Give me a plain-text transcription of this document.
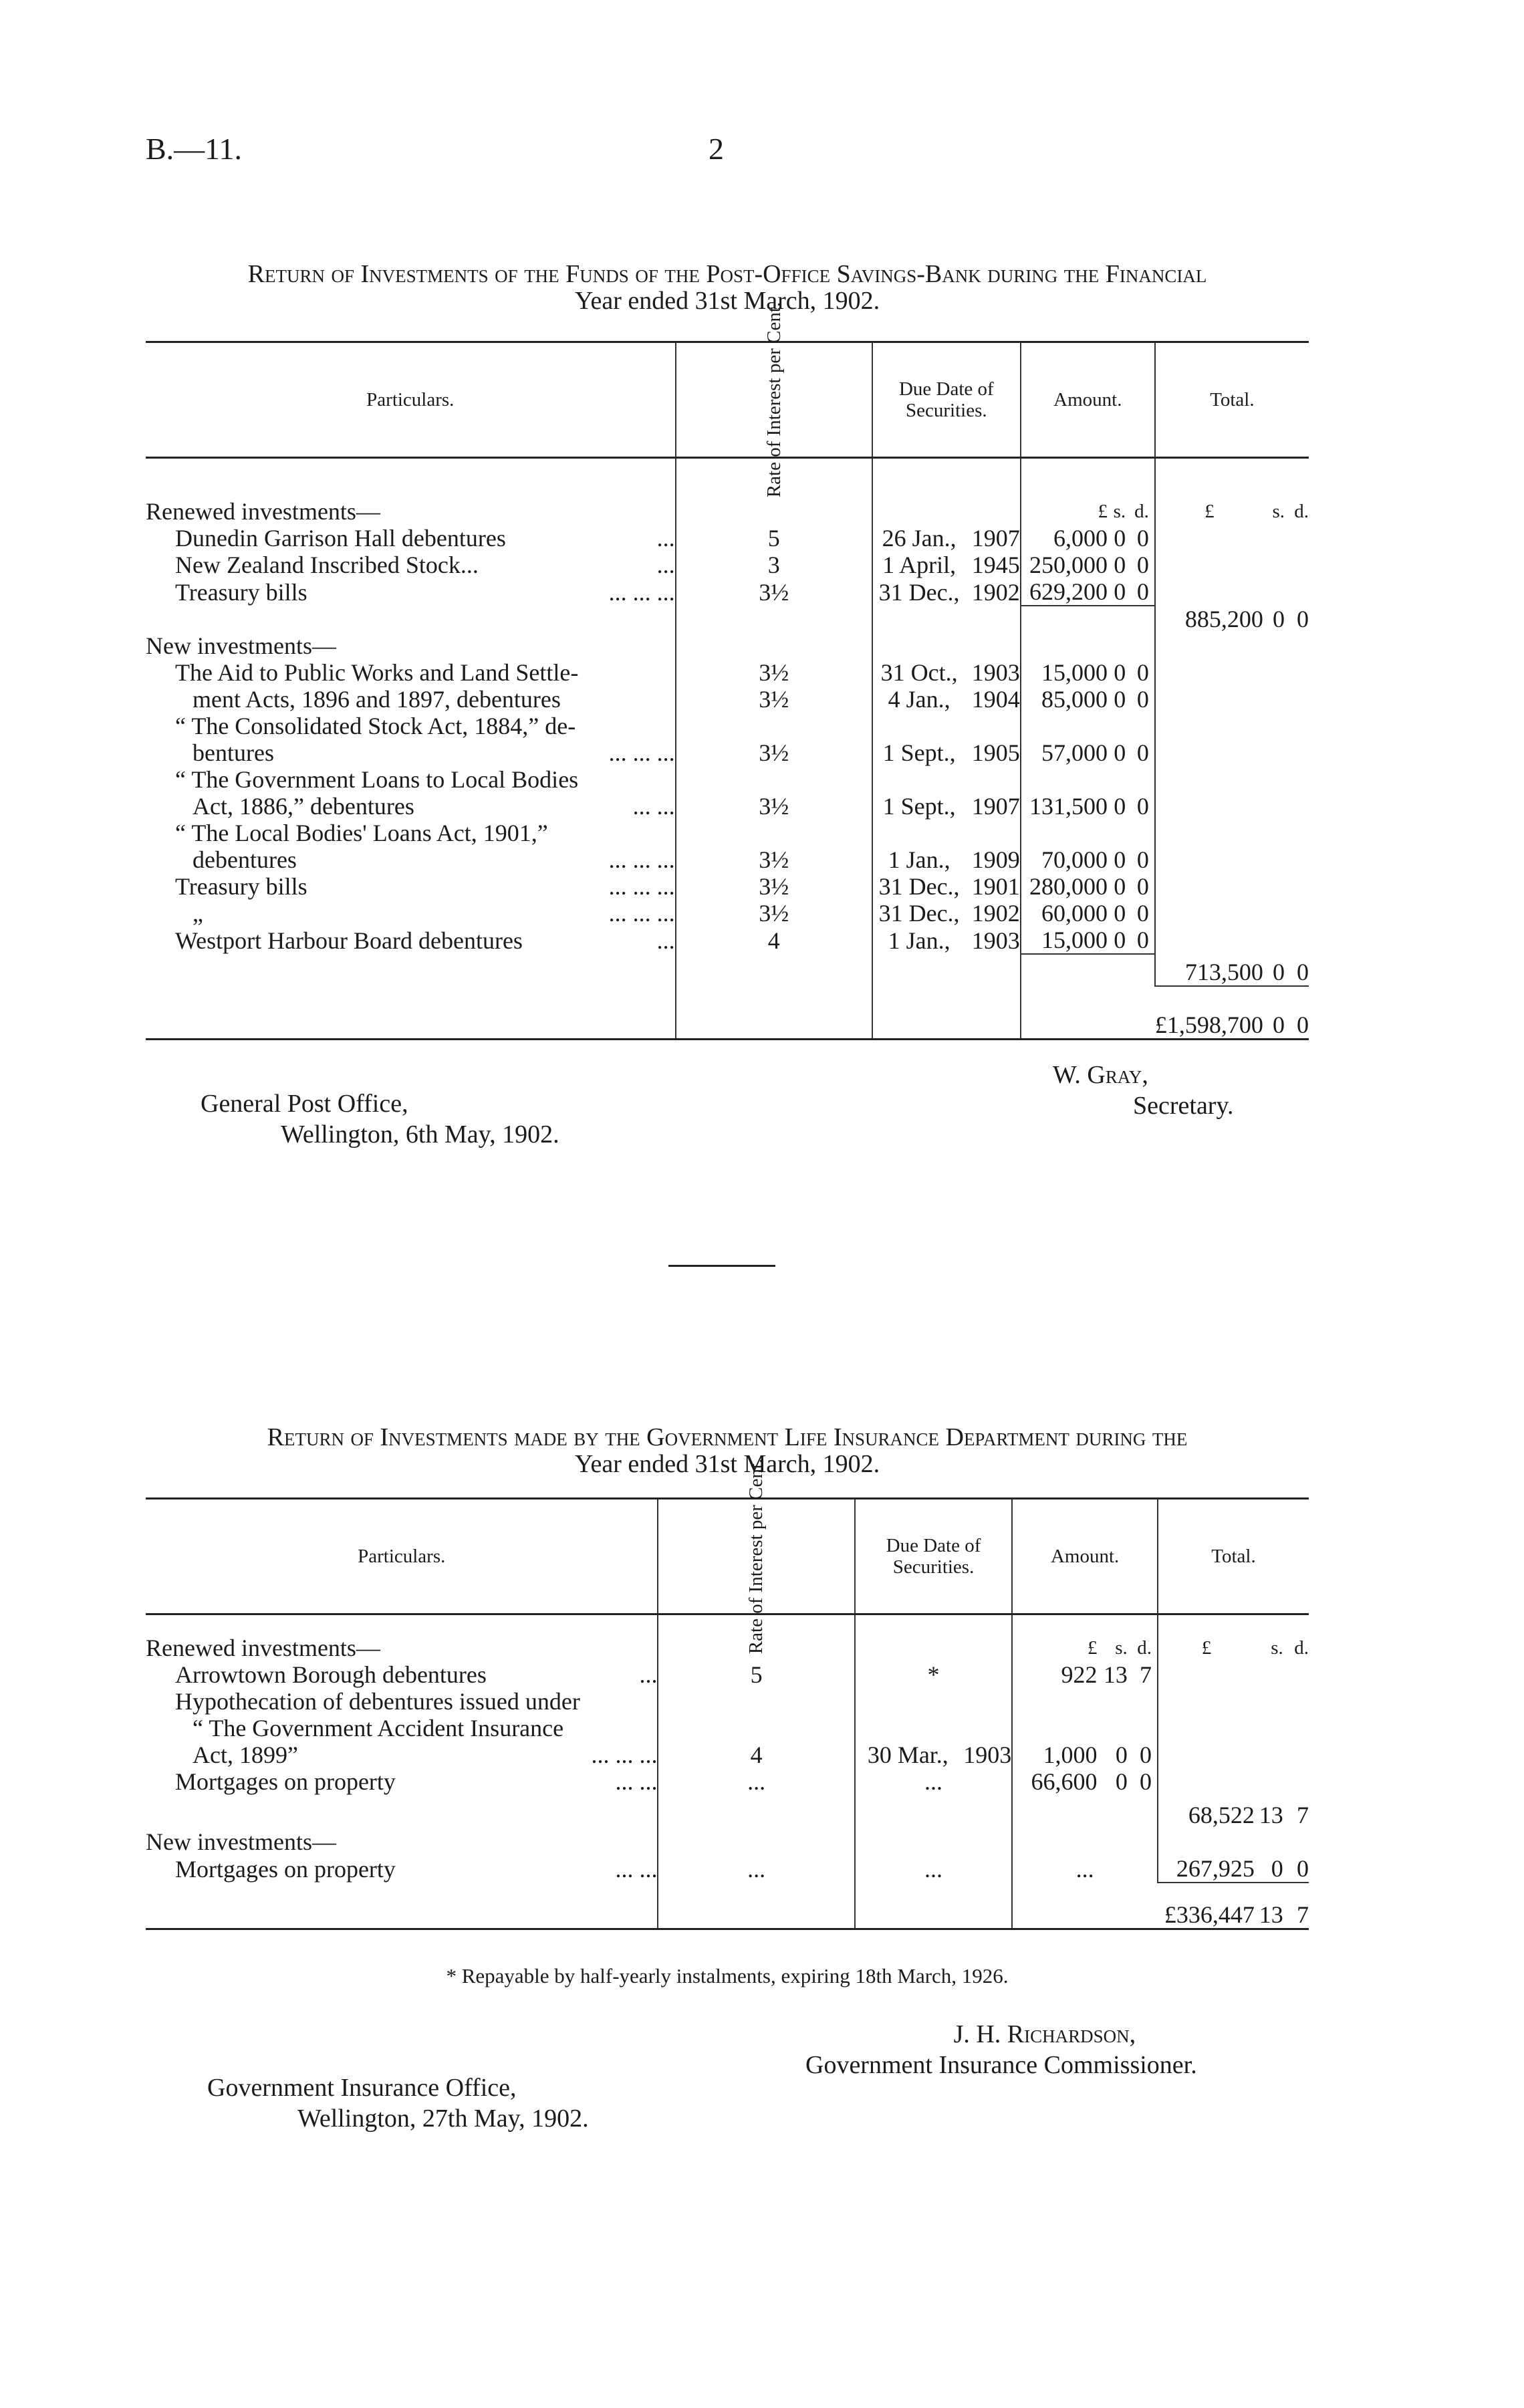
B.—11.	2
Return of Investments of the Funds of the Post-Office Savings-Bank during the Financial
Year ended 31st March, 1902.
Particulars.		Rate of Interest per Cent.	Due Date of Securities.		Amount.			Total.		

Renewed investments—					£	s.	d.	£	s.	d.
Dunedin Garrison Hall debentures	...	5	26 Jan.,	1907	6,000	0	0			
New Zealand Inscribed Stock...	...	3	1 April,	1945	250,000	0	0			
Treasury bills	... ... ...	3½	31 Dec.,	1902	629,200	0	0			
								885,200	0	0
New investments—										
The Aid to Public Works and Land Settle-		3½	31 Oct.,	1903	15,000	0	0			
ment Acts, 1896 and 1897, debentures		3½	4 Jan.,	1904	85,000	0	0			
“ The Consolidated Stock Act, 1884,” de-										
bentures	... ... ...	3½	1 Sept.,	1905	57,000	0	0			
“ The Government Loans to Local Bodies										
Act, 1886,” debentures	... ...	3½	1 Sept.,	1907	131,500	0	0			
“ The Local Bodies' Loans Act, 1901,”										
debentures	... ... ...	3½	1 Jan.,	1909	70,000	0	0			
Treasury bills	... ... ...	3½	31 Dec.,	1901	280,000	0	0			
„	... ... ...	3½	31 Dec.,	1902	60,000	0	0			
Westport Harbour Board debentures	...	4	1 Jan.,	1903	15,000	0	0			
								713,500	0	0
								£1,598,700	0	0
General Post Office,
Wellington, 6th May, 1902.
W. Gray,
Secretary.
Return of Investments made by the Government Life Insurance Department during the
Year ended 31st March, 1902.
Particulars.		Rate of Interest per Cent.	Due Date of Securities.		Amount.			Total.		

Renewed investments—					£	s.	d.	£	s.	d.
Arrowtown Borough debentures	...	5	*		922	13	7			
Hypothecation of debentures issued under										
“ The Government Accident Insurance										
Act, 1899”	... ... ...	4	30 Mar.,	1903	1,000	0	0			
Mortgages on property	... ...	...	...		66,600	0	0			
								68,522	13	7
New investments—										
Mortgages on property	... ...	...	...		...			267,925	0	0
								£336,447	13	7
* Repayable by half-yearly instalments, expiring 18th March, 1926.
J. H. Richardson,
Government Insurance Commissioner.
Government Insurance Office,
Wellington, 27th May, 1902.
